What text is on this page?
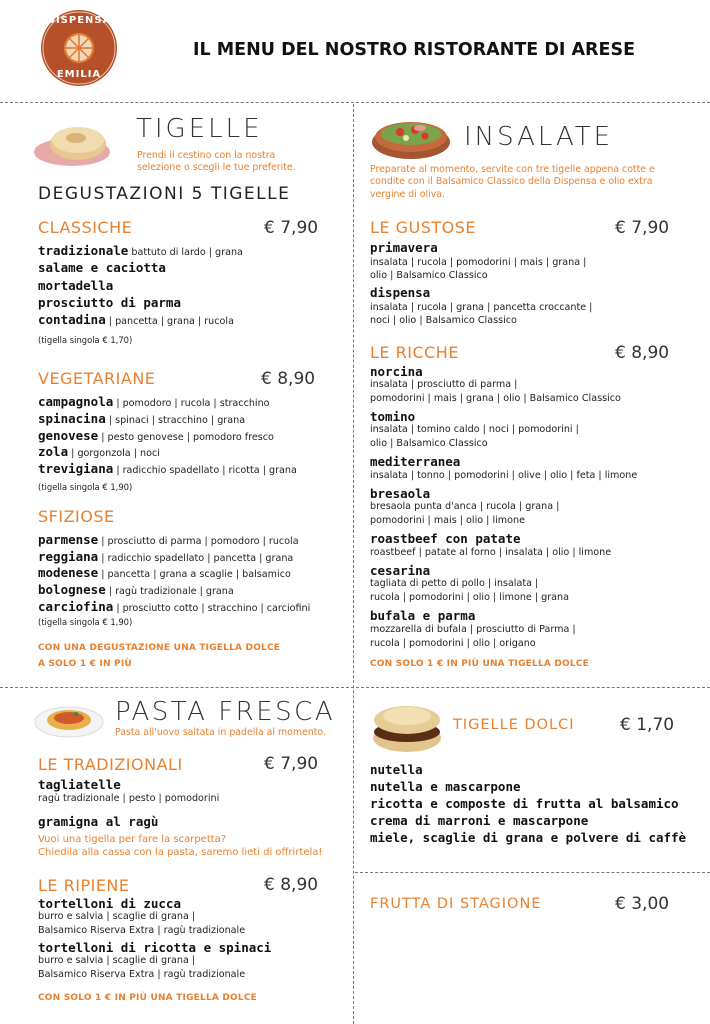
DISPENSA
EMILIA
IL MENU DEL NOSTRO RISTORANTE DI ARESE
TIGELLE
Prendi il cestino con la nostra
selezione o scegli le tue preferite.
DEGUSTAZIONI 5 TIGELLE
CLASSICHE	€ 7,90
tradizionale battuto di lardo | grana
salame e caciotta
mortadella
prosciutto di parma
contadina | pancetta | grana | rucola
(tigella singola € 1,70)
VEGETARIANE	€ 8,90
campagnola | pomodoro | rucola | stracchino
spinacina | spinaci | stracchino | grana
genovese | pesto genovese | pomodoro fresco
zola | gorgonzola | noci
trevigiana | radicchio spadellato | ricotta | grana
(tigella singola € 1,90)
SFIZIOSE
parmense | prosciutto di parma | pomodoro | rucola
reggiana | radicchio spadellato | pancetta | grana
modenese | pancetta | grana a scaglie | balsamico
bolognese | ragù tradizionale | grana
carciofina | prosciutto cotto | stracchino | carciofini
(tigella singola € 1,90)
CON UNA DEGUSTAZIONE UNA TIGELLA DOLCE
A SOLO 1 € IN PIÙ
INSALATE
Preparate al momento, servite con tre tigelle appena cotte e
condite con il Balsamico Classico della Dispensa e olio extra
vergine di oliva.
LE GUSTOSE	€ 7,90
primavera
insalata | rucola | pomodorini | mais | grana |
olio | Balsamico Classico
dispensa
insalata | rucola | grana | pancetta croccante |
noci | olio | Balsamico Classico
LE RICCHE	€ 8,90
norcina
insalata | prosciutto di parma |
pomodorini | mais | grana | olio | Balsamico Classico
tomino
insalata | tomino caldo | noci | pomodorini |
olio | Balsamico Classico
mediterranea
insalata | tonno | pomodorini | olive | olio | feta | limone
bresaola
bresaola punta d'anca | rucola | grana |
pomodorini | mais | olio | limone
roastbeef con patate
roastbeef | patate al forno | insalata | olio | limone
cesarina
tagliata di petto di pollo | insalata |
rucola | pomodorini | olio | limone | grana
bufala e parma
mozzarella di bufala | prosciutto di Parma |
rucola | pomodorini | olio | origano
CON SOLO 1 € IN PIÙ UNA TIGELLA DOLCE
PASTA FRESCA
Pasta all'uovo saltata in padella al momento.
LE TRADIZIONALI	€ 7,90
tagliatelle
ragù tradizionale | pesto | pomodorini
gramigna al ragù
Vuoi una tigella per fare la scarpetta?
Chiedila alla cassa con la pasta, saremo lieti di offrirtela!
LE RIPIENE	€ 8,90
tortelloni di zucca
burro e salvia | scaglie di grana |
Balsamico Riserva Extra | ragù tradizionale
tortelloni di ricotta e spinaci
burro e salvia | scaglie di grana |
Balsamico Riserva Extra | ragù tradizionale
CON SOLO 1 € IN PIÙ UNA TIGELLA DOLCE
TIGELLE DOLCI	€ 1,70
nutella
nutella e mascarpone
ricotta e composte di frutta al balsamico
crema di marroni e mascarpone
miele, scaglie di grana e polvere di caffè
FRUTTA DI STAGIONE	€ 3,00
